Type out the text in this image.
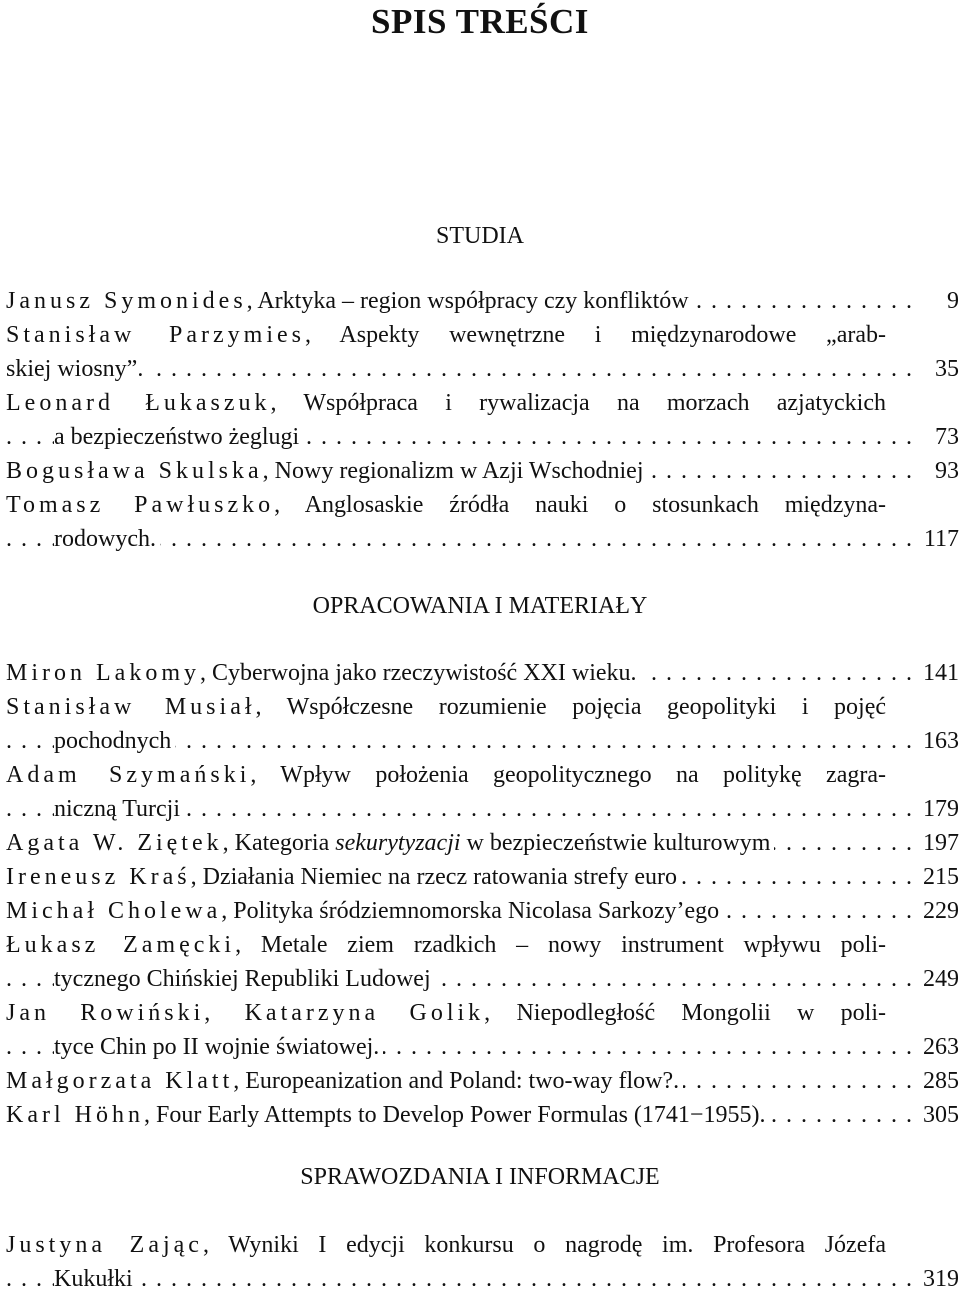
SPIS TREŚCI
STUDIA
Janusz Symonides, Arktyka – region współpracy czy konfliktów	9
. . .
Stanisław Parzymies, Aspekty wewnętrzne i międzynarodowe „arab-
skiej wiosny”.	35
. . .
Leonard Łukaszuk, Współpraca i rywalizacja na morzach azjatyckich
a bezpieczeństwo żeglugi	73
. . .
Bogusława Skulska, Nowy regionalizm w Azji Wschodniej	93
. . .
Tomasz Pawłuszko, Anglosaskie źródła nauki o stosunkach międzyna-
rodowych.	117
. . .
OPRACOWANIA I MATERIAŁY
Miron Lakomy, Cyberwojna jako rzeczywistość XXI wieku.	141
. . .
Stanisław Musiał, Współczesne rozumienie pojęcia geopolityki i pojęć
pochodnych	163
. . .
Adam Szymański, Wpływ położenia geopolitycznego na politykę zagra-
niczną Turcji	179
. . .
Agata W. Ziętek, Kategoria sekurytyzacji w bezpieczeństwie kulturowym	197
. . .
Ireneusz Kraś, Działania Niemiec na rzecz ratowania strefy euro	215
. . .
Michał Cholewa, Polityka śródziemnomorska Nicolasa Sarkozy’ego	229
. . .
Łukasz Zamęcki, Metale ziem rzadkich – nowy instrument wpływu poli-
tycznego Chińskiej Republiki Ludowej	249
. . .
Jan Rowiński, Katarzyna Golik, Niepodległość Mongolii w poli-
tyce Chin po II wojnie światowej.	263
. . .
Małgorzata Klatt, Europeanization and Poland: two-way flow?.	285
. . .
Karl Höhn, Four Early Attempts to Develop Power Formulas (1741−1955).	305
. . .
SPRAWOZDANIA I INFORMACJE
Justyna Zając, Wyniki I edycji konkursu o nagrodę im. Profesora Józefa
Kukułki	319
. . .
